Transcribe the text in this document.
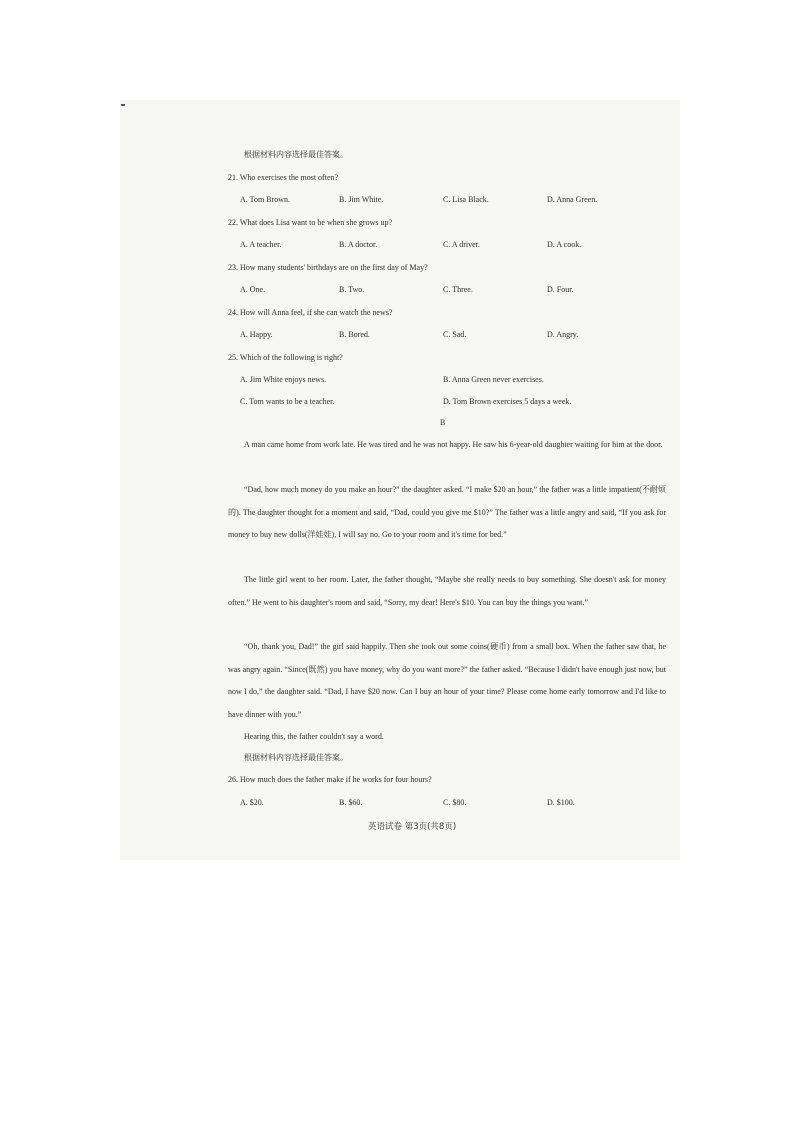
根据材料内容选择最佳答案。
21. Who exercises the most often?
A. Tom Brown.	B. Jim White.	C. Lisa Black.	D. Anna Green.
22. What does Lisa want to be when she grows up?
A. A teacher.	B. A doctor.	C. A driver.	D. A cook.
23. How many students' birthdays are on the first day of May?
A. One.	B. Two.	C. Three.	D. Four.
24. How will Anna feel, if she can watch the news?
A. Happy.	B. Bored.	C. Sad.	D. Angry.
25. Which of the following is right?
A. Jim White enjoys news.	B. Anna Green never exercises.
C. Tom wants to be a teacher.	D. Tom Brown exercises 5 days a week.
B
A man came home from work late. He was tired and he was not happy. He saw his 6-year-old daughter waiting for him at the door.
“Dad, how much money do you make an hour?” the daughter asked. “I make $20 an hour,” the father was a little impatient(不耐烦的). The daughter thought for a moment and said, “Dad, could you give me $10?” The father was a little angry and said, “If you ask for money to buy new dolls(洋娃娃), I will say no. Go to your room and it's time for bed.”
The little girl went to her room. Later, the father thought, “Maybe she really needs to buy something. She doesn't ask for money often.” He went to his daughter's room and said, “Sorry, my dear! Here's $10. You can buy the things you want.”
“Oh, thank you, Dad!” the girl said happily. Then she took out some coins(硬币) from a small box. When the father saw that, he was angry again. “Since(既然) you have money, why do you want more?” the father asked. “Because I didn't have enough just now, but now I do,” the daughter said. “Dad, I have $20 now. Can I buy an hour of your time? Please come home early tomorrow and I'd like to have dinner with you.”
Hearing this, the father couldn't say a word.
根据材料内容选择最佳答案。
26. How much does the father make if he works for four hours?
A. $20.	B. $60.	C. $80.	D. $100.
英语试卷 第3页(共8页)
